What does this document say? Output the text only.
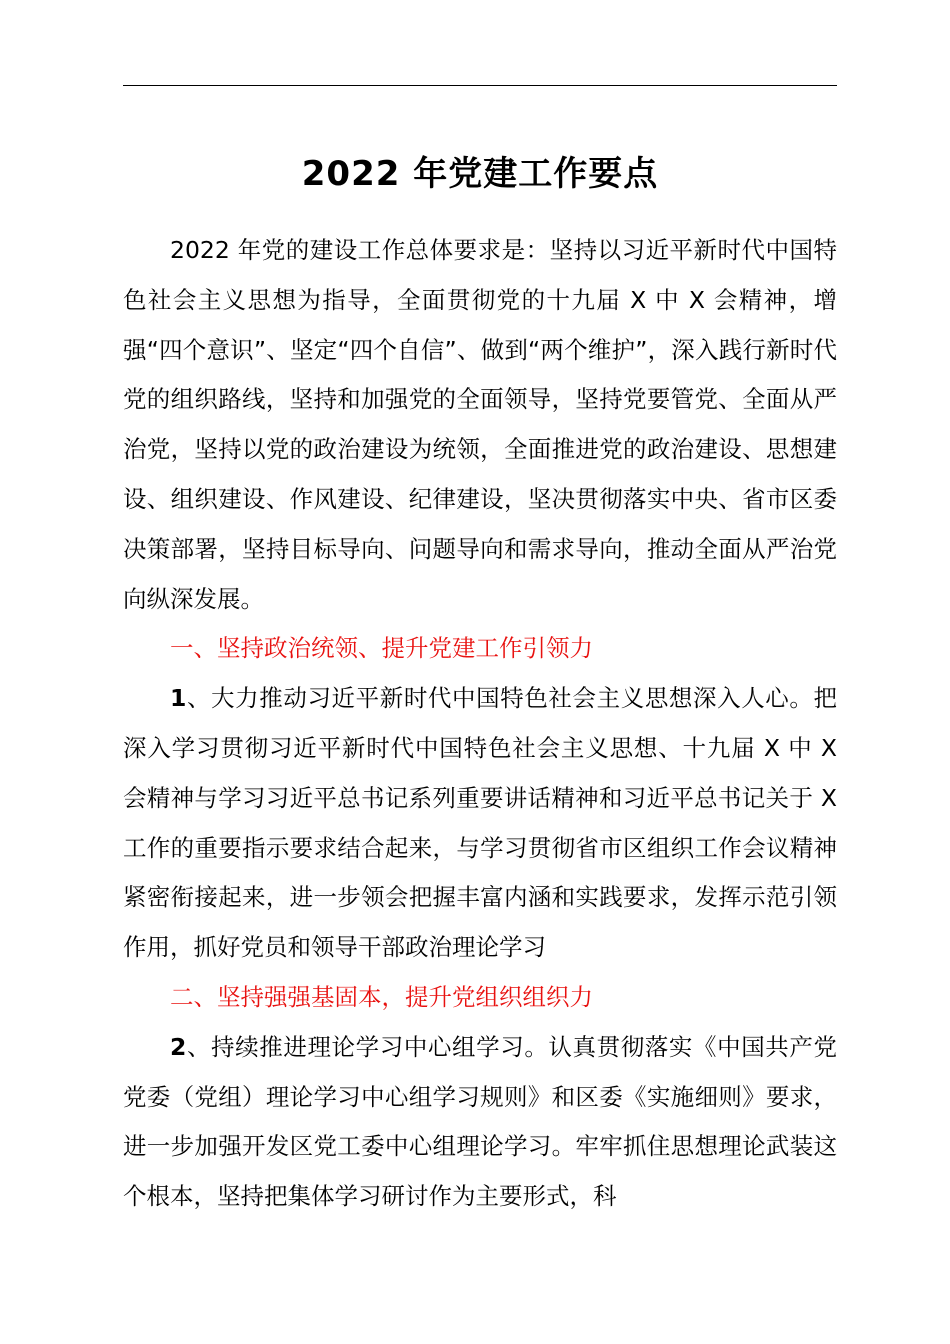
2022 年党建工作要点

2022 年党的建设工作总体要求是：坚持以习近平新时代中国特色社会主义思想为指导，全面贯彻党的十九届 X 中 X 会精神，增强“四个意识”、坚定“四个自信”、做到“两个维护”，深入践行新时代党的组织路线，坚持和加强党的全面领导，坚持党要管党、全面从严治党，坚持以党的政治建设为统领，全面推进党的政治建设、思想建设、组织建设、作风建设、纪律建设，坚决贯彻落实中央、省市区委决策部署，坚持目标导向、问题导向和需求导向，推动全面从严治党向纵深发展。

一、坚持政治统领、提升党建工作引领力

1、大力推动习近平新时代中国特色社会主义思想深入人心。把深入学习贯彻习近平新时代中国特色社会主义思想、十九届 X 中 X 会精神与学习习近平总书记系列重要讲话精神和习近平总书记关于 X 工作的重要指示要求结合起来，与学习贯彻省市区组织工作会议精神紧密衔接起来，进一步领会把握丰富内涵和实践要求，发挥示范引领作用，抓好党员和领导干部政治理论学习

二、坚持强强基固本，提升党组织组织力

2、持续推进理论学习中心组学习。认真贯彻落实《中国共产党党委（党组）理论学习中心组学习规则》和区委《实施细则》要求，进一步加强开发区党工委中心组理论学习。牢牢抓住思想理论武装这个根本，坚持把集体学习研讨作为主要形式，科
